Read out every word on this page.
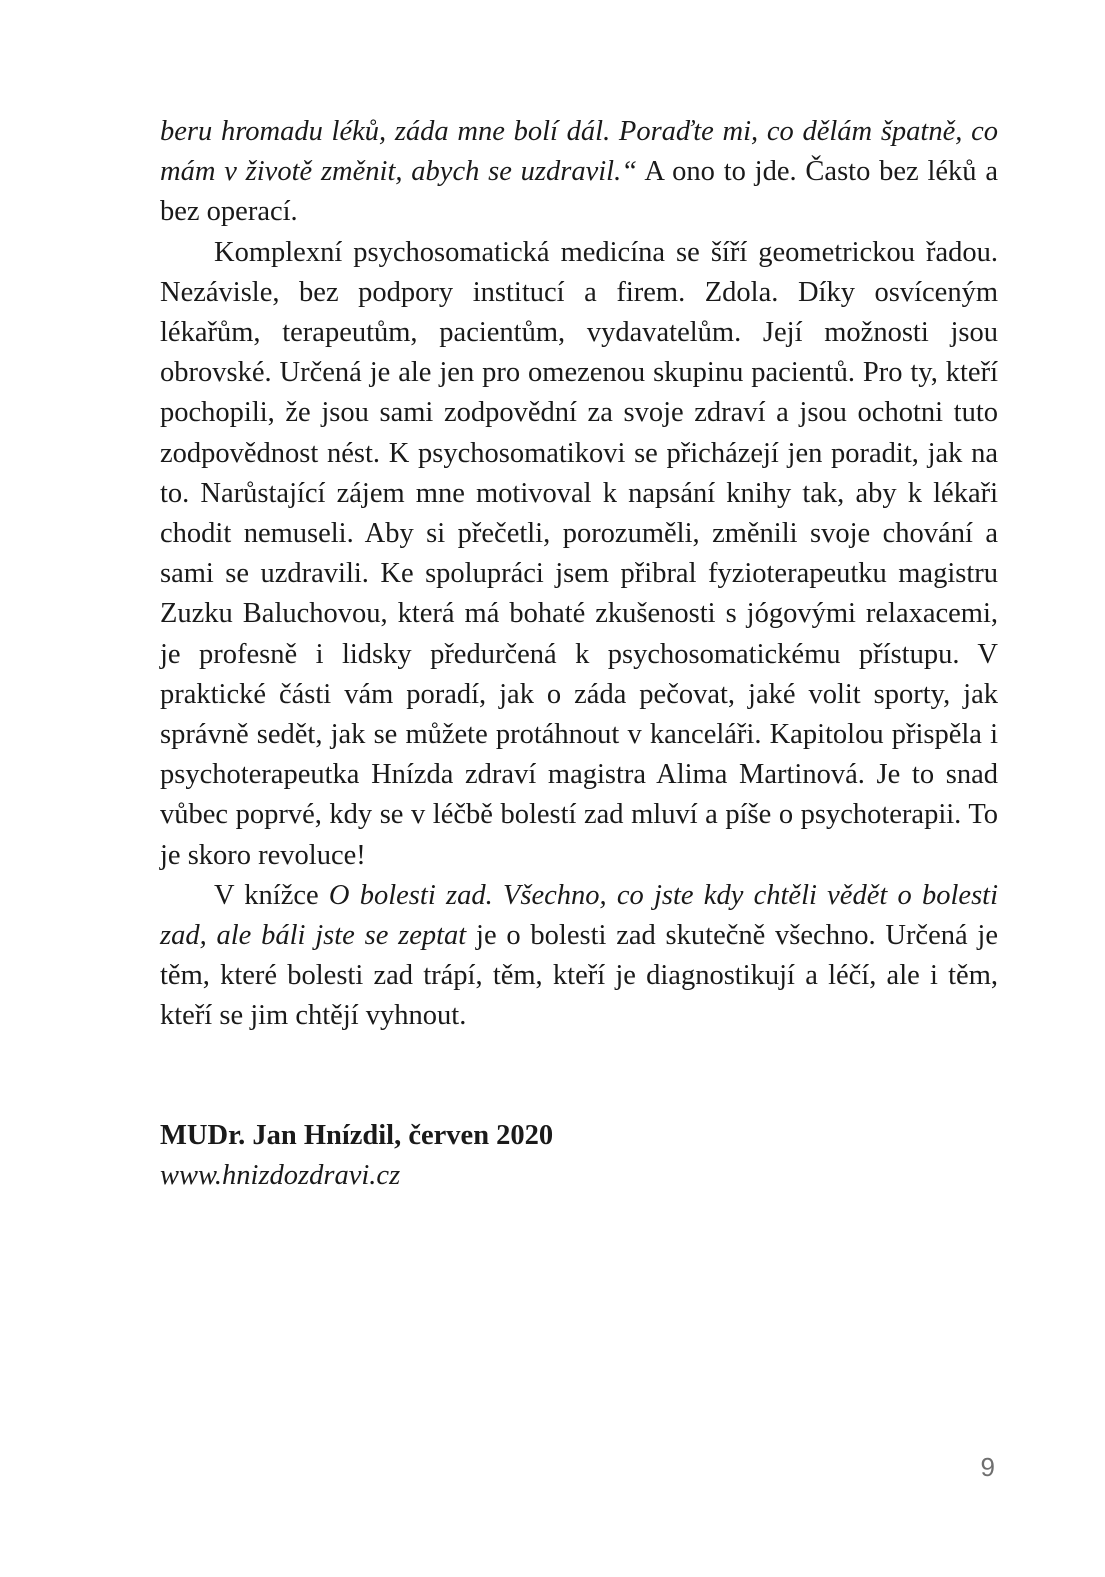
beru hromadu léků, záda mne bolí dál. Poraďte mi, co dělám špatně, co mám v životě změnit, abych se uzdravil.“ A ono to jde. Často bez léků a bez operací.

Komplexní psychosomatická medicína se šíří geometrickou řadou. Nezávisle, bez podpory institucí a firem. Zdola. Díky osvíceným lékařům, terapeutům, pacientům, vydavatelům. Její možnosti jsou obrovské. Určená je ale jen pro omezenou skupinu pacientů. Pro ty, kteří pochopili, že jsou sami zodpovědní za svoje zdraví a jsou ochotni tuto zodpovědnost nést. K psychosomatikovi se přicházejí jen poradit, jak na to. Narůstající zájem mne motivoval k napsání knihy tak, aby k lékaři chodit nemuseli. Aby si přečetli, porozuměli, změnili svoje chování a sami se uzdravili. Ke spolupráci jsem přibral fyzioterapeutku magistru Zuzku Baluchovou, která má bohaté zkušenosti s jógovými relaxacemi, je profesně i lidsky předurčená k psychosomatickému přístupu. V praktické části vám poradí, jak o záda pečovat, jaké volit sporty, jak správně sedět, jak se můžete protáhnout v kanceláři. Kapitolou přispěla i psychoterapeutka Hnízda zdraví magistra Alima Martinová. Je to snad vůbec poprvé, kdy se v léčbě bolestí zad mluví a píše o psychoterapii. To je skoro revoluce!

V knížce O bolesti zad. Všechno, co jste kdy chtěli vědět o bolesti zad, ale báli jste se zeptat je o bolesti zad skutečně všechno. Určená je těm, které bolesti zad trápí, těm, kteří je diagnostikují a léčí, ale i těm, kteří se jim chtějí vyhnout.

MUDr. Jan Hnízdil, červen 2020
www.hnizdozdravi.cz
9
